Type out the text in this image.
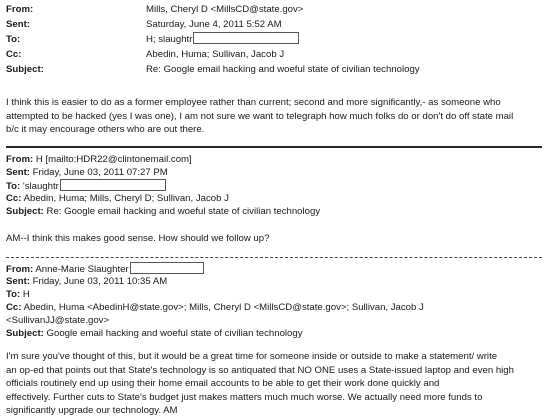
From:	Mills, Cheryl D <MillsCD@state.gov>
Sent:	Saturday, June 4, 2011 5:52 AM
To:	H; slaughtr
Cc:	Abedin, Huma; Sullivan, Jacob J
Subject:	Re: Google email hacking and woeful state of civilian technology
I think this is easier to do as a former employee rather than current; second and more significantly,- as someone who
attempted to be hacked (yes I was one), I am not sure we want to telegraph how much folks do or don't do off state mail
b/c it may encourage others who are out there.
From: H [mailto:HDR22@clintonemail.com]
Sent: Friday, June 03, 2011 07:27 PM
To: 'slaughtr
Cc: Abedin, Huma; Mills, Cheryl D; Sullivan, Jacob J
Subject: Re: Google email hacking and woeful state of civilian technology
AM--I think this makes good sense. How should we follow up?
From: Anne-Marie Slaughter
Sent: Friday, June 03, 2011 10:35 AM
To: H
Cc: Abedin, Huma <AbedinH@state.gov>; Mills, Cheryl D <MillsCD@state.gov>; Sullivan, Jacob J
<SullivanJJ@state.gov>
Subject: Google email hacking and woeful state of civilian technology
I'm sure you've thought of this, but it would be a great time for someone inside or outside to make a statement/ write
an op-ed that points out that State's technology is so antiquated that NO ONE uses a State-issued laptop and even high
officials routinely end up using their home email accounts to be able to get their work done quickly and
effectively. Further cuts to State's budget just makes matters much much worse. We actually need more funds to
significantly upgrade our technology. AM
